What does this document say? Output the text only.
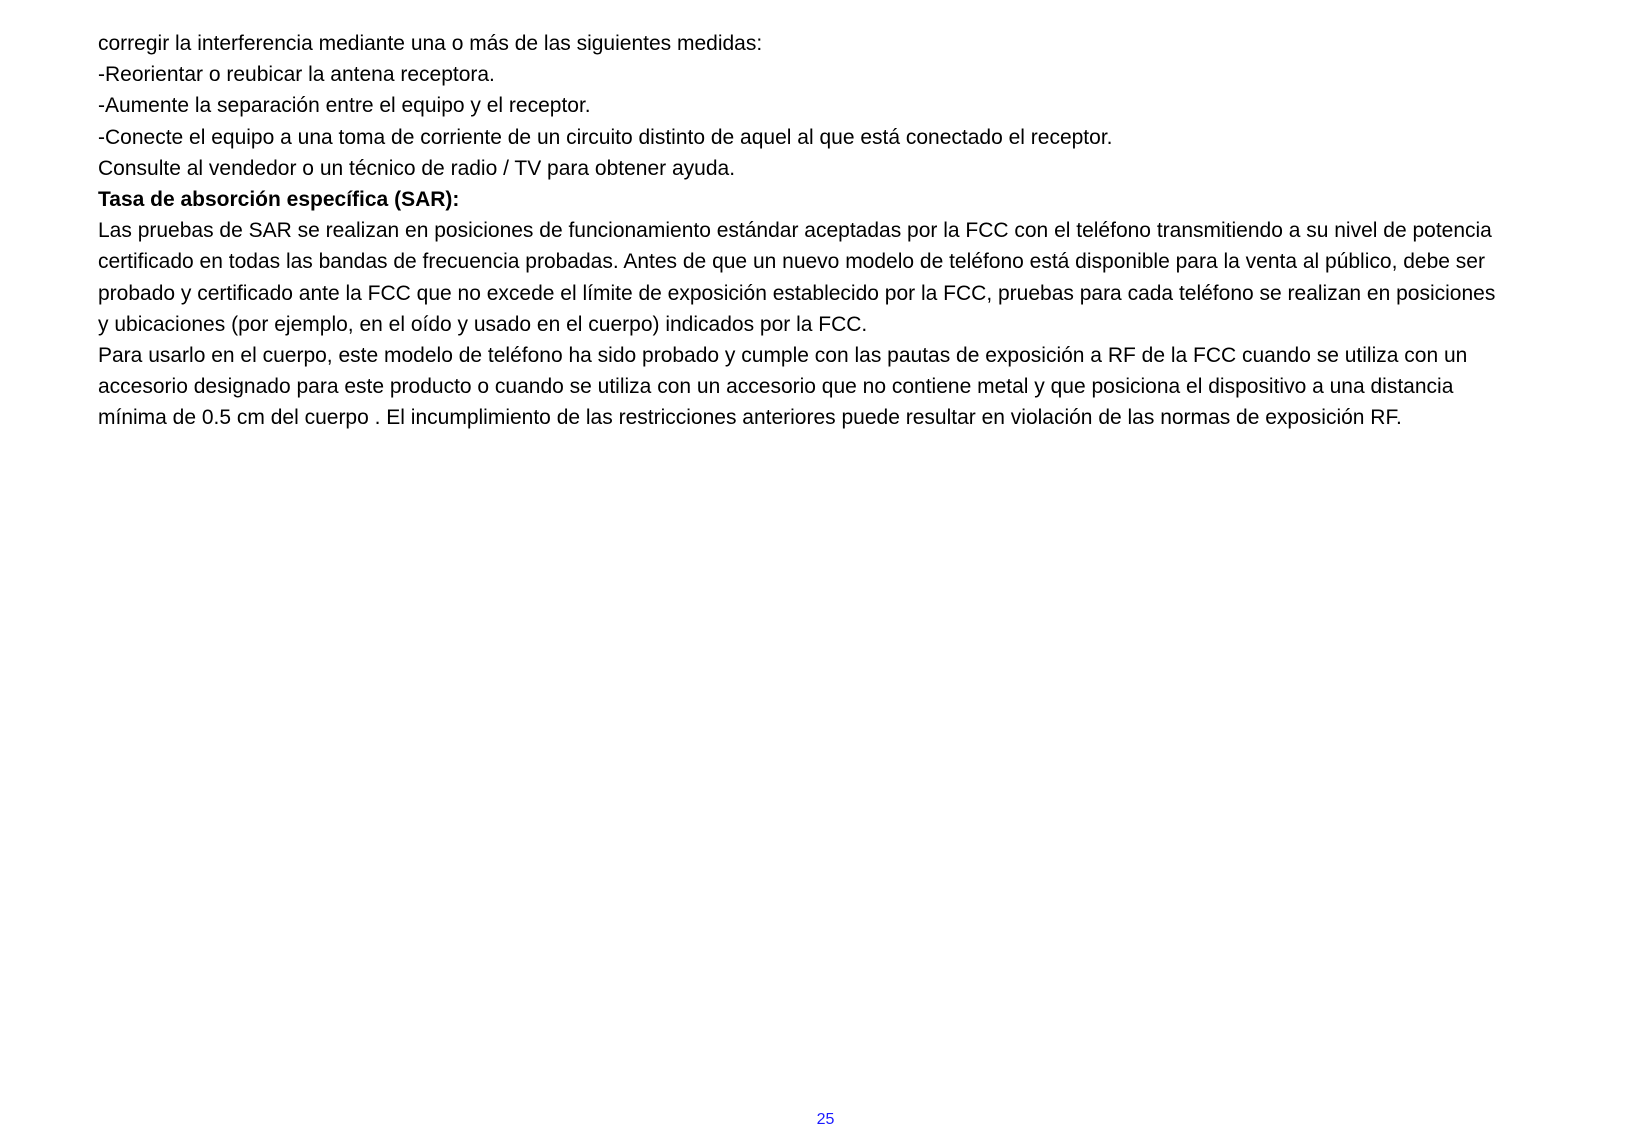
corregir la interferencia mediante una o más de las siguientes medidas:
-Reorientar o reubicar la antena receptora.
-Aumente la separación entre el equipo y el receptor.
-Conecte el equipo a una toma de corriente de un circuito distinto de aquel al que está conectado el receptor.
Consulte al vendedor o un técnico de radio / TV para obtener ayuda.
Tasa de absorción específica (SAR):
Las pruebas de SAR se realizan en posiciones de funcionamiento estándar aceptadas por la FCC con el teléfono transmitiendo a su nivel de potencia
certificado en todas las bandas de frecuencia probadas. Antes de que un nuevo modelo de teléfono está disponible para la venta al público, debe ser
probado y certificado ante la FCC que no excede el límite de exposición establecido por la FCC, pruebas para cada teléfono se realizan en posiciones
y ubicaciones (por ejemplo, en el oído y usado en el cuerpo) indicados por la FCC.
Para usarlo en el cuerpo, este modelo de teléfono ha sido probado y cumple con las pautas de exposición a RF de la FCC cuando se utiliza con un
accesorio designado para este producto o cuando se utiliza con un accesorio que no contiene metal y que posiciona el dispositivo a una distancia
mínima de 0.5 cm del cuerpo . El incumplimiento de las restricciones anteriores puede resultar en violación de las normas de exposición RF.
25
